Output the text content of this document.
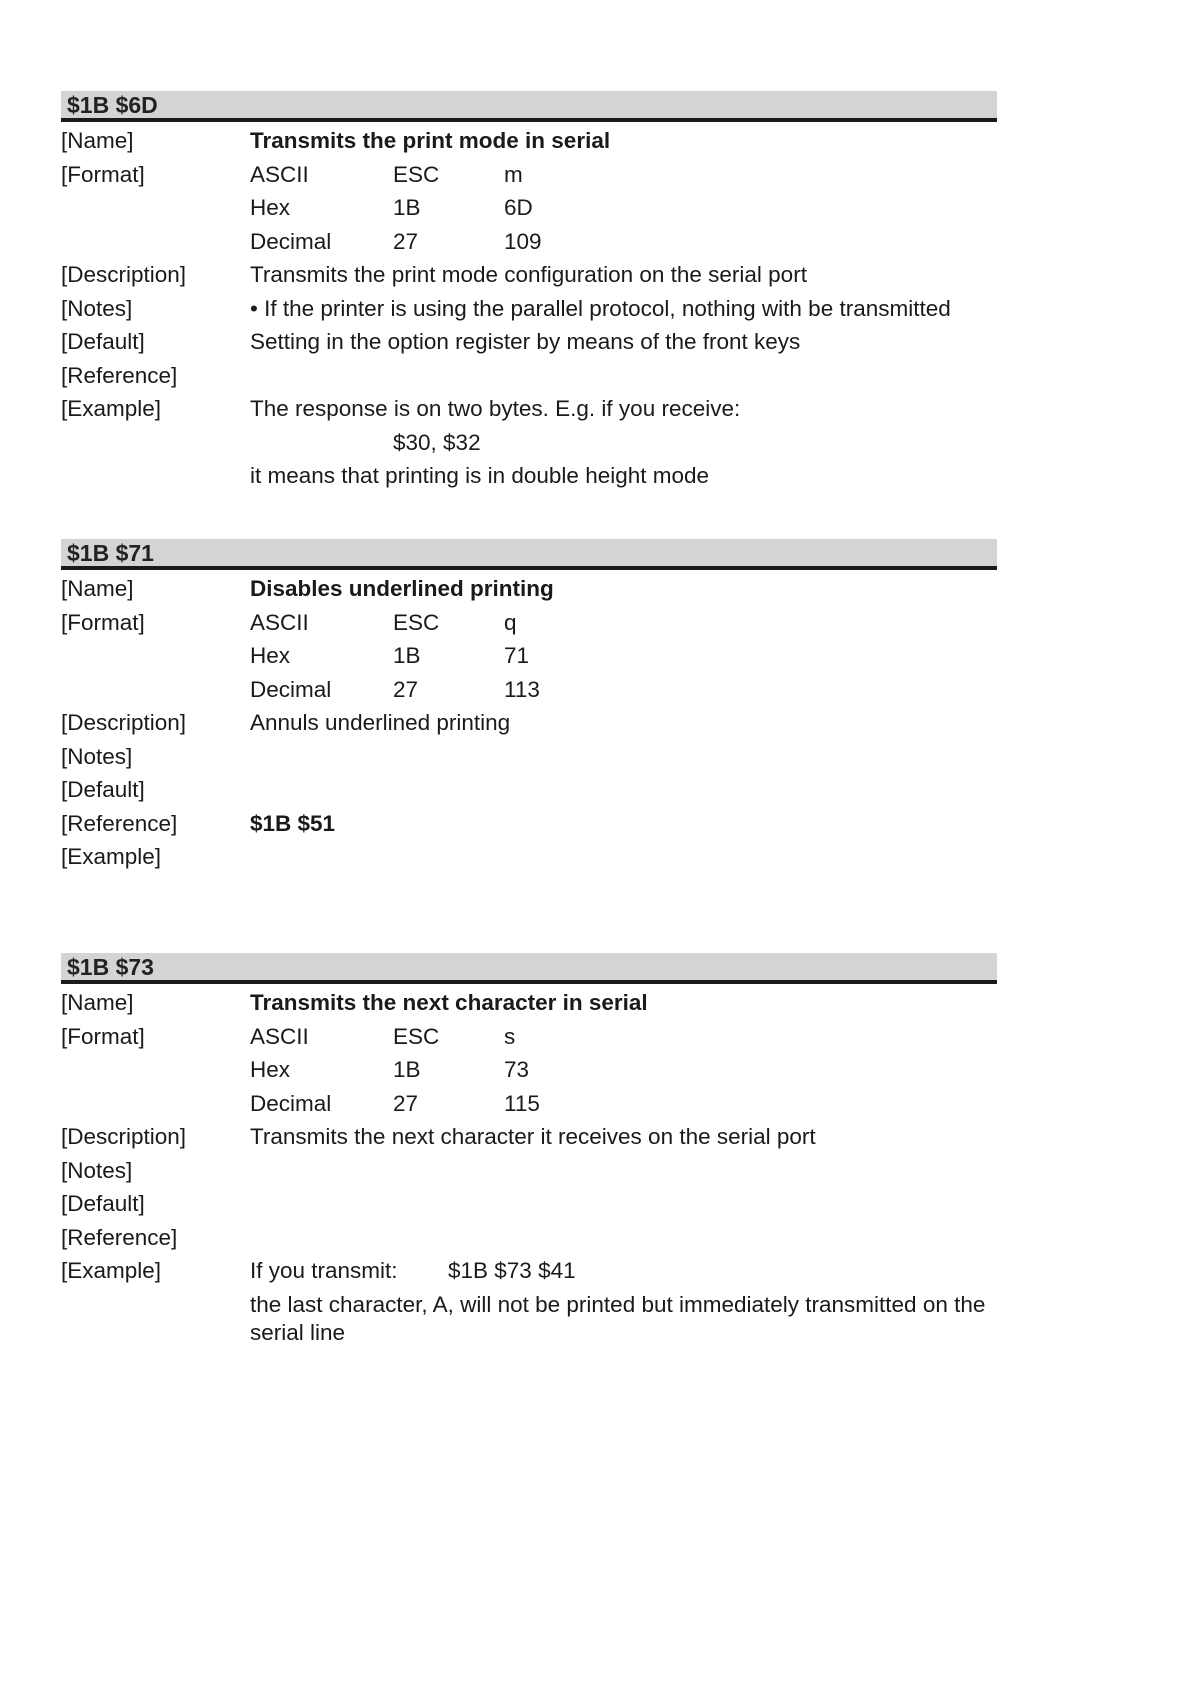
$1B $6D
[Name]	Transmits the print mode in serial
[Format]	ASCII	ESC	m
Hex	1B	6D
Decimal	27	109
[Description]	Transmits the print mode configuration on the serial port
[Notes]	• If the printer is using the parallel protocol, nothing with be transmitted
[Default]	Setting in the option register by means of the front keys
[Reference]
[Example]	The response is on two bytes. E.g. if you receive:
$30, $32
it means that printing is in double height mode
$1B $71
[Name]	Disables underlined printing
[Format]	ASCII	ESC	q
Hex	1B	71
Decimal	27	113
[Description]	Annuls underlined printing
[Notes]
[Default]
[Reference]	$1B $51
[Example]
$1B $73
[Name]	Transmits the next character in serial
[Format]	ASCII	ESC	s
Hex	1B	73
Decimal	27	115
[Description]	Transmits the next character it receives on the serial port
[Notes]
[Default]
[Reference]
[Example]	If you transmit: $1B $73 $41
the last character, A, will not be printed but immediately transmitted on the serial line
